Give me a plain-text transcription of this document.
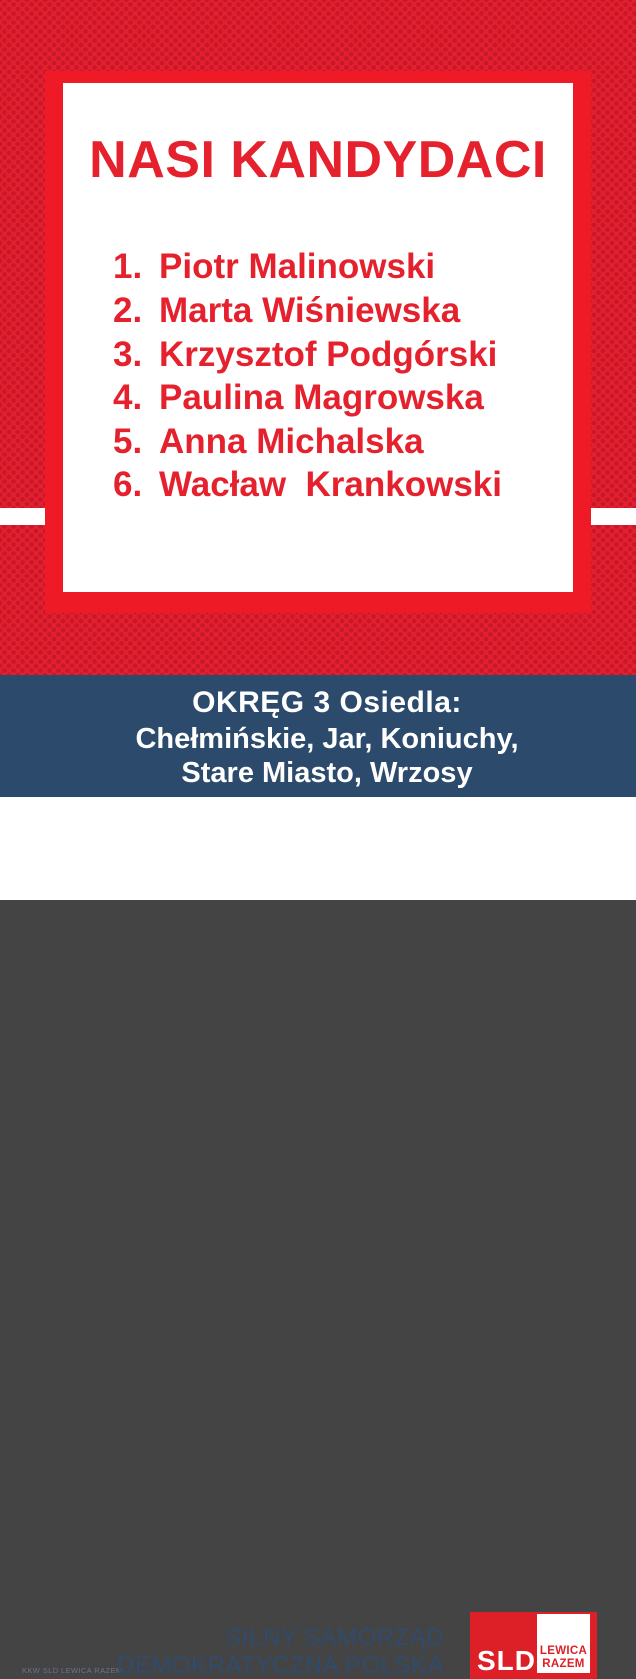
NASI KANDYDACI
1. Piotr Malinowski
2. Marta Wiśniewska
3. Krzysztof Podgórski
4. Paulina Magrowska
5. Anna Michalska
6. Wacław  Krankowski
OKRĘG 3 Osiedla:
Chełmińskie, Jar, Koniuchy,
Stare Miasto, Wrzosy
KKW SLD LEWICA RAZEM
SILNY SAMORZĄD
DEMOKRATYCZNA POLSKA SLD LEWICA
RAZEM
